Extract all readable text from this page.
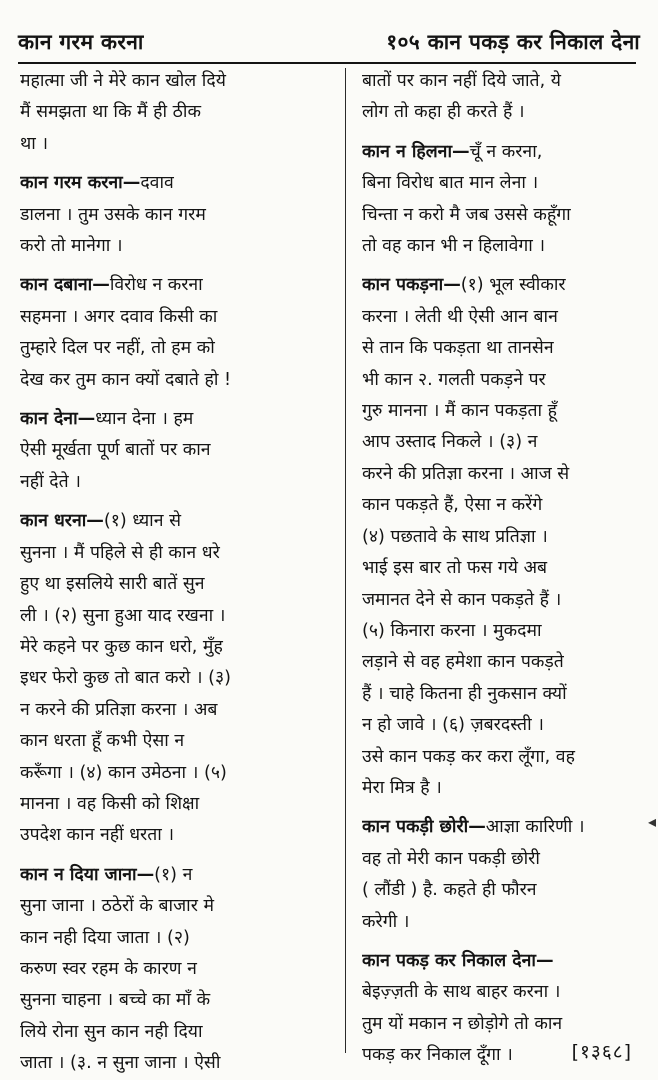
कान गरम करना	१०५ कान पकड़ कर निकाल देना
महात्मा जी ने मेरे कान खोल दिये
मैं समझता था कि मैं ही ठीक
था ।
कान गरम करना—दवाव
डालना । तुम उसके कान गरम
करो तो मानेगा ।
कान दबाना—विरोध न करना
सहमना । अगर दवाव किसी का
तुम्हारे दिल पर नहीं, तो हम को
देख कर तुम कान क्यों दबाते हो !
कान देना—ध्यान देना । हम
ऐसी मूर्खता पूर्ण बातों पर कान
नहीं देते ।
कान धरना—(१) ध्यान से
सुनना । मैं पहिले से ही कान धरे
हुए था इसलिये सारी बातें सुन
ली । (२) सुना हुआ याद रखना ।
मेरे कहने पर कुछ कान धरो, मुँह
इधर फेरो कुछ तो बात करो । (३)
न करने की प्रतिज्ञा करना । अब
कान धरता हूँ कभी ऐसा न
करूँगा । (४) कान उमेठना । (५)
मानना । वह किसी को शिक्षा
उपदेश कान नहीं धरता ।
कान न दिया जाना—(१) न
सुना जाना । ठठेरों के बाजार मे
कान नही दिया जाता । (२)
करुण स्वर रहम के कारण न
सुनना चाहना । बच्चे का माँ के
लिये रोना सुन कान नही दिया
जाता । (३. न सुना जाना । ऐसी
बातों पर कान नहीं दिये जाते, ये
लोग तो कहा ही करते हैं ।
कान न हिलना—चूँ न करना,
बिना विरोध बात मान लेना ।
चिन्ता न करो मै जब उससे कहूँगा
तो वह कान भी न हिलावेगा ।
कान पकड़ना—(१) भूल स्वीकार
करना । लेती थी ऐसी आन बान
से तान कि पकड़ता था तानसेन
भी कान २. गलती पकड़ने पर
गुरु मानना । मैं कान पकड़ता हूँ
आप उस्ताद निकले । (३) न
करने की प्रतिज्ञा करना । आज से
कान पकड़ते हैं, ऐसा न करेंगे
(४) पछतावे के साथ प्रतिज्ञा ।
भाई इस बार तो फस गये अब
जमानत देने से कान पकड़ते हैं ।
(५) किनारा करना । मुकदमा
लड़ाने से वह हमेशा कान पकड़ते
हैं । चाहे कितना ही नुकसान क्यों
न हो जावे । (६) ज़बरदस्ती ।
उसे कान पकड़ कर करा लूँगा, वह
मेरा मित्र है ।
कान पकड़ी छोरी—आज्ञा कारिणी ।
वह तो मेरी कान पकड़ी छोरी
( लौंडी ) है. कहते ही फौरन
करेगी ।
कान पकड़ कर निकाल देना—
बेइज़्ज़ती के साथ बाहर करना ।
तुम यों मकान न छोड़ोगे तो कान
पकड़ कर निकाल दूँगा ।
◂
[१३६८]
